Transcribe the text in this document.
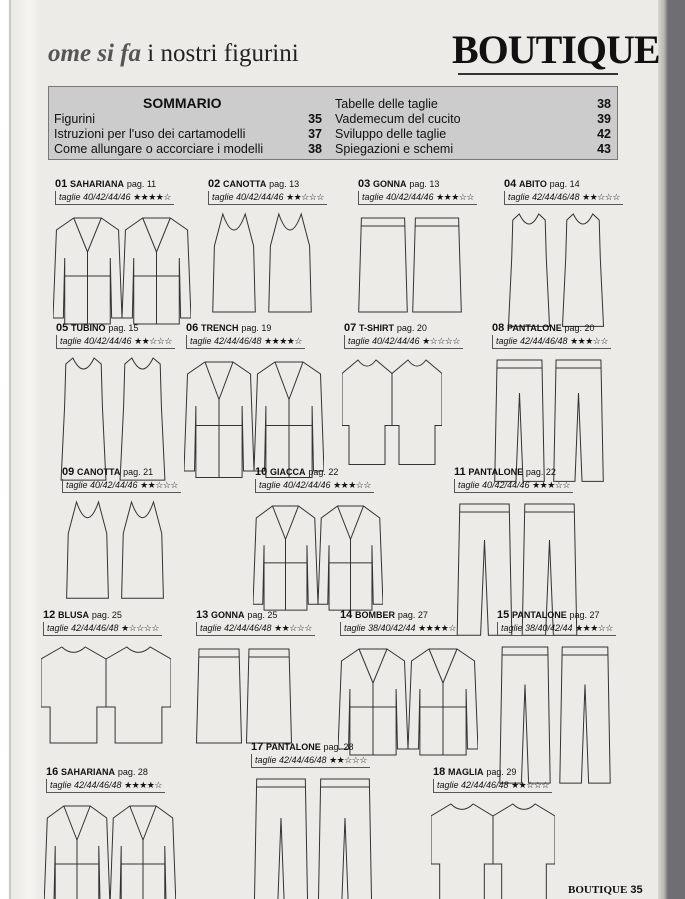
ome si fa i nostri figurini	BOUTIQUE
SOMMARIO
Figurini	35
Istruzioni per l'uso dei cartamodelli	37
Come allungare o accorciare i modelli	38
Tabelle delle taglie	38
Vademecum del cucito	39
Sviluppo delle taglie	42
Spiegazioni e schemi	43
01 SAHARIANA pag. 11
taglie 40/42/44/46 ★★★★☆
02 CANOTTA pag. 13
taglie 40/42/44/46 ★★☆☆☆
03 GONNA pag. 13
taglie 40/42/44/46 ★★★☆☆
04 ABITO pag. 14
taglie 42/44/46/48 ★★☆☆☆
05 TUBINO pag. 15
taglie 40/42/44/46 ★★☆☆☆
06 TRENCH pag. 19
taglie 42/44/46/48 ★★★★☆
07 T-SHIRT pag. 20
taglie 40/42/44/46 ★☆☆☆☆
08 PANTALONE pag. 20
taglie 42/44/46/48 ★★★☆☆
09 CANOTTA pag. 21
taglie 40/42/44/46 ★★☆☆☆
10 GIACCA pag. 22
taglie 40/42/44/46 ★★★☆☆
11 PANTALONE pag. 22
taglie 40/42/44/46 ★★★☆☆
12 BLUSA pag. 25
taglie 42/44/46/48 ★☆☆☆☆
13 GONNA pag. 25
taglie 42/44/46/48 ★★☆☆☆
14 BOMBER pag. 27
taglie 38/40/42/44 ★★★★☆
15 PANTALONE pag. 27
taglie 38/40/42/44 ★★★☆☆
16 SAHARIANA pag. 28
taglie 42/44/46/48 ★★★★☆
17 PANTALONE pag. 28
taglie 42/44/46/48 ★★☆☆☆
18 MAGLIA pag. 29
taglie 42/44/46/48 ★★☆☆☆
BOUTIQUE 35
